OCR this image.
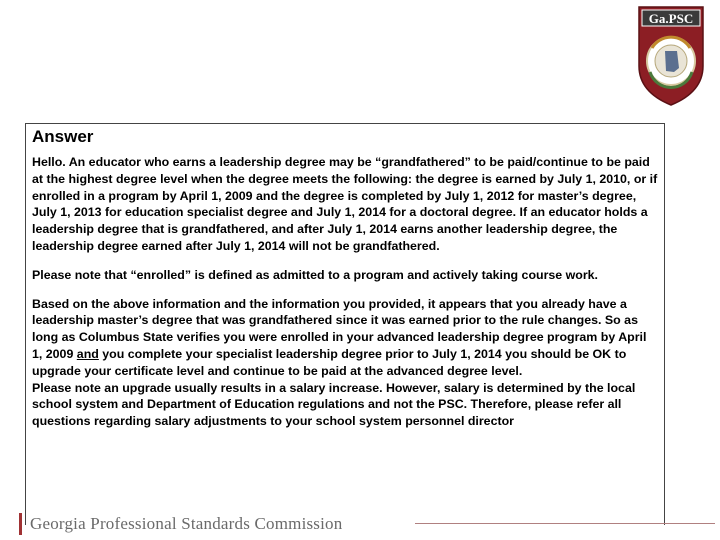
Ga.PSC

Answer

Hello. An educator who earns a leadership degree may be “grandfathered” to be paid/continue to be paid at the highest degree level when the degree meets the following: the degree is earned by July 1, 2010, or if enrolled in a program by April 1, 2009 and the degree is completed by July 1, 2012 for master’s degree, July 1, 2013 for education specialist degree and July 1, 2014 for a doctoral degree. If an educator holds a leadership degree that is grandfathered, and after July 1, 2014 earns another leadership degree, the leadership degree earned after July 1, 2014 will not be grandfathered.

Please note that “enrolled” is defined as admitted to a program and actively taking course work.

Based on the above information and the information you provided, it appears that you already have a leadership master’s degree that was grandfathered since it was earned prior to the rule changes. So as long as Columbus State verifies you were enrolled in your advanced leadership degree program by April 1, 2009 and you complete your specialist leadership degree prior to July 1, 2014 you should be OK to upgrade your certificate level and continue to be paid at the advanced degree level.

Please note an upgrade usually results in a salary increase. However, salary is determined by the local school system and Department of Education regulations and not the PSC. Therefore, please refer all questions regarding salary adjustments to your school system personnel director

Georgia Professional Standards Commission
